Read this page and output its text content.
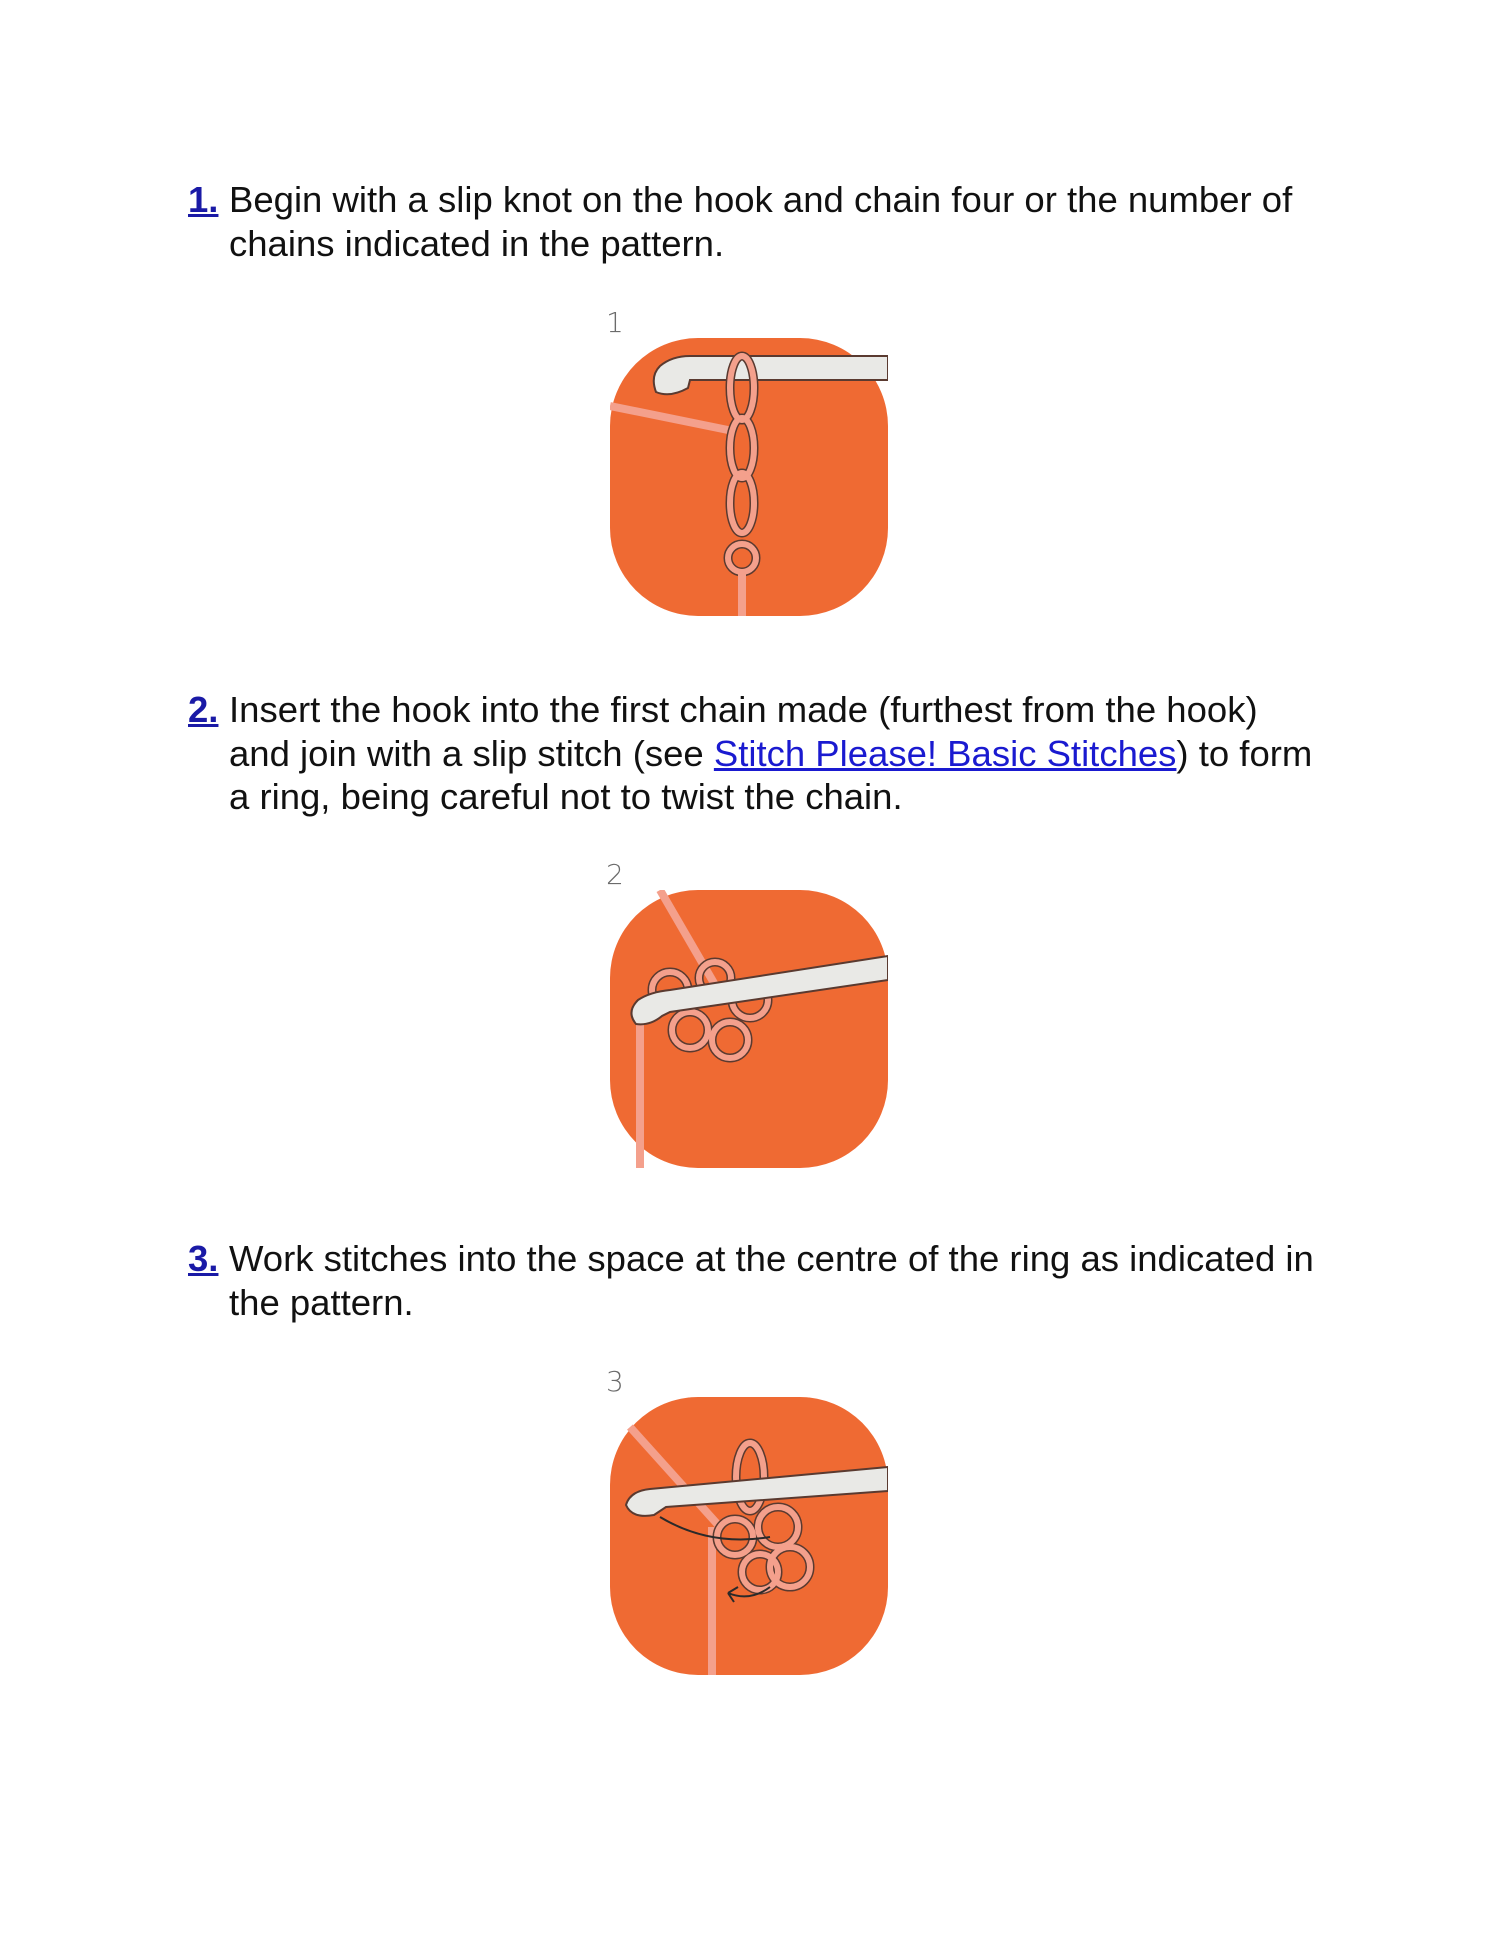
1. Begin with a slip knot on the hook and chain four or the number of chains indicated in the pattern.
1
2. Insert the hook into the first chain made (furthest from the hook) and join with a slip stitch (see Stitch Please! Basic Stitches) to form a ring, being careful not to twist the chain.
2
3. Work stitches into the space at the centre of the ring as indicated in the pattern.
3
